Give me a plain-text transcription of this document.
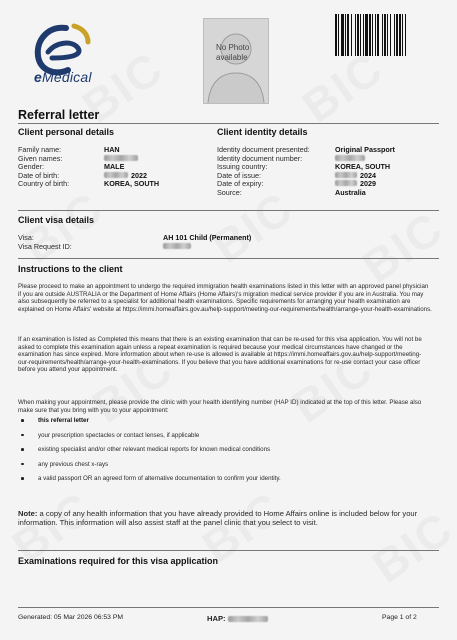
eMedical
No Photo available
Referral letter
Client personal details	Client identity details
Family name:	HAN
Given names:
Gender:	MALE
Date of birth:	2022
Country of birth:	KOREA, SOUTH
Identity document presented:	Original Passport
Identity document number:
Issuing country:	KOREA, SOUTH
Date of issue:	2024
Date of expiry:	2029
Source:	Australia
Client visa details
Visa:	AH 101 Child (Permanent)
Visa Request ID:
Instructions to the client
Please proceed to make an appointment to undergo the required immigration health examinations listed in this letter with an approved panel physician if you are outside AUSTRALIA or the Department of Home Affairs (Home Affairs)'s migration medical service provider if you are in Australia. You may also subsequently be referred to a specialist for additional health examinations. Specific requirements for arranging your health examination are explained on Home Affairs' website at https://immi.homeaffairs.gov.au/help-support/meeting-our-requirements/health/arrange-your-health-examinations.
If an examination is listed as Completed this means that there is an existing examination that can be re-used for this visa application. You will not be asked to complete this examination again unless a repeat examination is required because your medical circumstances have changed or the examination has since expired. More information about when re-use is allowed is available at https://immi.homeaffairs.gov.au/help-support/meeting-our-requirements/health/arrange-your-health-examinations. If you believe that you have additional examinations for re-use contact your case officer before you attend your appointment.
When making your appointment, please provide the clinic with your health identifying number (HAP ID) indicated at the top of this letter. Please also make sure that you bring with you to your appointment:
this referral letter
your prescription spectacles or contact lenses, if applicable
existing specialist and/or other relevant medical reports for known medical conditions
any previous chest x-rays
a valid passport OR an agreed form of alternative documentation to confirm your identity.
Note: a copy of any health information that you have already provided to Home Affairs online is included below for your information. This information will also assist staff at the panel clinic that you select to visit.
Examinations required for this visa application
Generated: 05 Mar 2026 06:53 PM	HAP:	Page 1 of 2
